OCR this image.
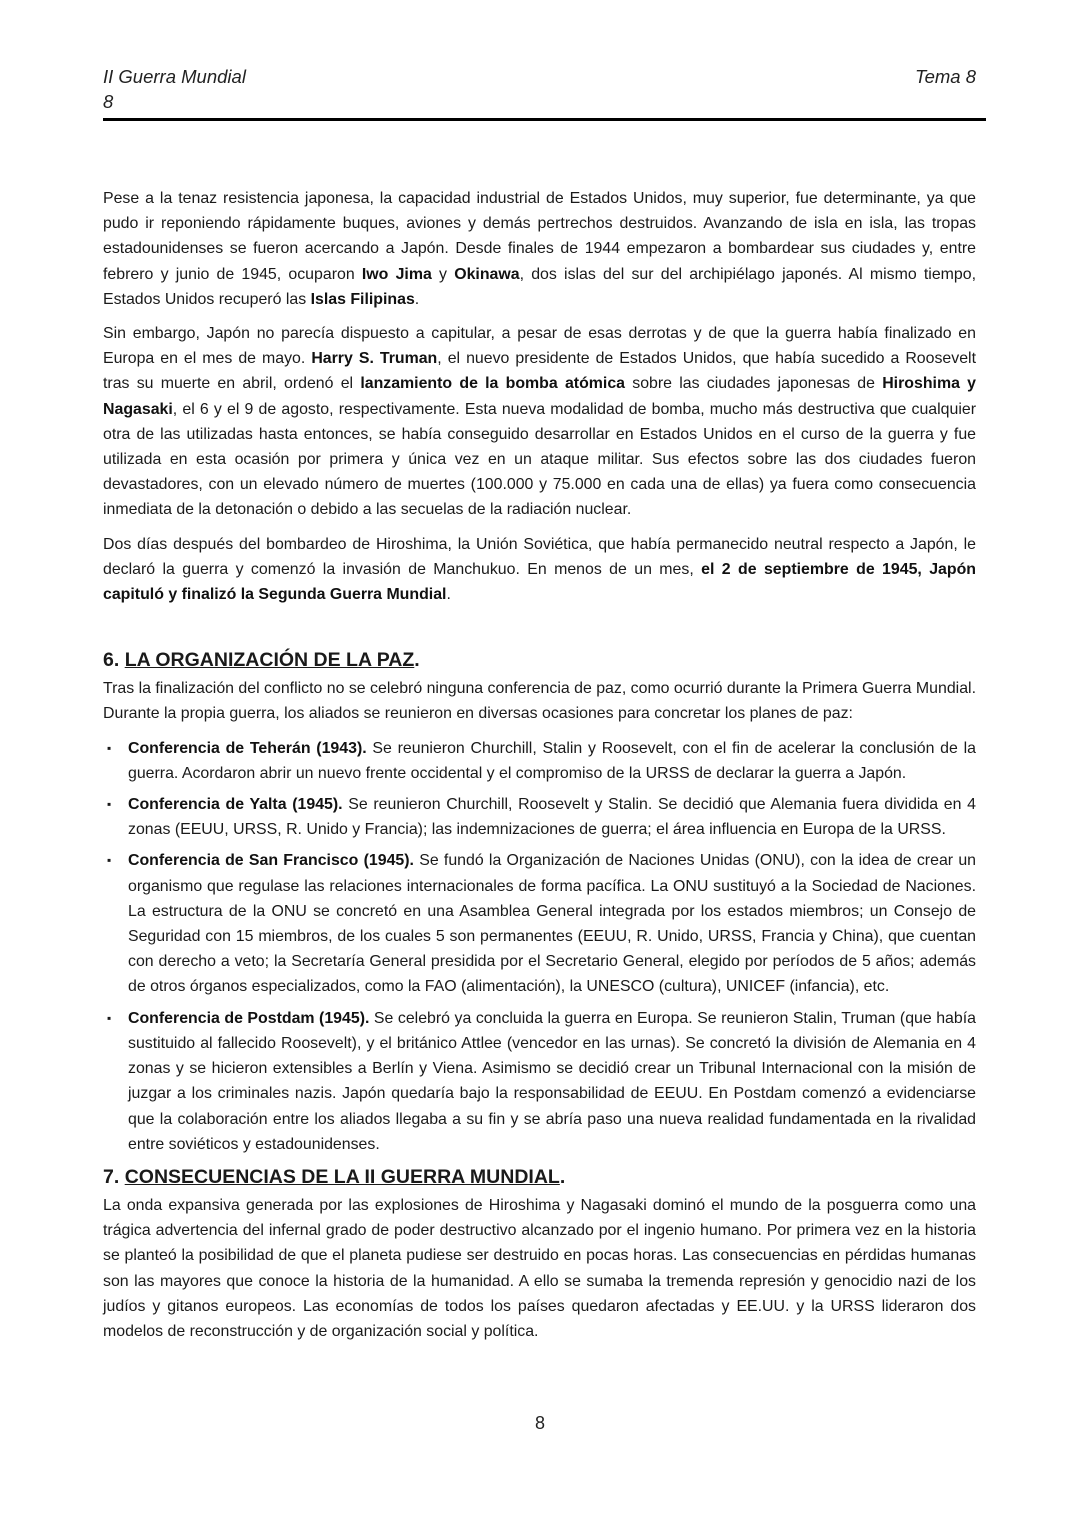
II Guerra Mundial
8
Tema 8

Pese a la tenaz resistencia japonesa, la capacidad industrial de Estados Unidos, muy superior, fue determinante, ya que pudo ir reponiendo rápidamente buques, aviones y demás pertrechos destruidos. Avanzando de isla en isla, las tropas estadounidenses se fueron acercando a Japón. Desde finales de 1944 empezaron a bombardear sus ciudades y, entre febrero y junio de 1945, ocuparon Iwo Jima y Okinawa, dos islas del sur del archipiélago japonés. Al mismo tiempo, Estados Unidos recuperó las Islas Filipinas.

Sin embargo, Japón no parecía dispuesto a capitular, a pesar de esas derrotas y de que la guerra había finalizado en Europa en el mes de mayo. Harry S. Truman, el nuevo presidente de Estados Unidos, que había sucedido a Roosevelt tras su muerte en abril, ordenó el lanzamiento de la bomba atómica sobre las ciudades japonesas de Hiroshima y Nagasaki, el 6 y el 9 de agosto, respectivamente. Esta nueva modalidad de bomba, mucho más destructiva que cualquier otra de las utilizadas hasta entonces, se había conseguido desarrollar en Estados Unidos en el curso de la guerra y fue utilizada en esta ocasión por primera y única vez en un ataque militar. Sus efectos sobre las dos ciudades fueron devastadores, con un elevado número de muertes (100.000 y 75.000 en cada una de ellas) ya fuera como consecuencia inmediata de la detonación o debido a las secuelas de la radiación nuclear.

Dos días después del bombardeo de Hiroshima, la Unión Soviética, que había permanecido neutral respecto a Japón, le declaró la guerra y comenzó la invasión de Manchukuo. En menos de un mes, el 2 de septiembre de 1945, Japón capituló y finalizó la Segunda Guerra Mundial.

6. LA ORGANIZACIÓN DE LA PAZ.

Tras la finalización del conflicto no se celebró ninguna conferencia de paz, como ocurrió durante la Primera Guerra Mundial. Durante la propia guerra, los aliados se reunieron en diversas ocasiones para concretar los planes de paz:

▪ Conferencia de Teherán (1943). Se reunieron Churchill, Stalin y Roosevelt, con el fin de acelerar la conclusión de la guerra. Acordaron abrir un nuevo frente occidental y el compromiso de la URSS de declarar la guerra a Japón.
▪ Conferencia de Yalta (1945). Se reunieron Churchill, Roosevelt y Stalin. Se decidió que Alemania fuera dividida en 4 zonas (EEUU, URSS, R. Unido y Francia); las indemnizaciones de guerra; el área influencia en Europa de la URSS.
▪ Conferencia de San Francisco (1945). Se fundó la Organización de Naciones Unidas (ONU), con la idea de crear un organismo que regulase las relaciones internacionales de forma pacífica. La ONU sustituyó a la Sociedad de Naciones. La estructura de la ONU se concretó en una Asamblea General integrada por los estados miembros; un Consejo de Seguridad con 15 miembros, de los cuales 5 son permanentes (EEUU, R. Unido, URSS, Francia y China), que cuentan con derecho a veto; la Secretaría General presidida por el Secretario General, elegido por períodos de 5 años; además de otros órganos especializados, como la FAO (alimentación), la UNESCO (cultura), UNICEF (infancia), etc.
▪ Conferencia de Postdam (1945). Se celebró ya concluida la guerra en Europa. Se reunieron Stalin, Truman (que había sustituido al fallecido Roosevelt), y el británico Attlee (vencedor en las urnas). Se concretó la división de Alemania en 4 zonas y se hicieron extensibles a Berlín y Viena. Asimismo se decidió crear un Tribunal Internacional con la misión de juzgar a los criminales nazis. Japón quedaría bajo la responsabilidad de EEUU. En Postdam comenzó a evidenciarse que la colaboración entre los aliados llegaba a su fin y se abría paso una nueva realidad fundamentada en la rivalidad entre soviéticos y estadounidenses.
7. CONSECUENCIAS DE LA II GUERRA MUNDIAL.

La onda expansiva generada por las explosiones de Hiroshima y Nagasaki dominó el mundo de la posguerra como una trágica advertencia del infernal grado de poder destructivo alcanzado por el ingenio humano. Por primera vez en la historia se planteó la posibilidad de que el planeta pudiese ser destruido en pocas horas. Las consecuencias en pérdidas humanas son las mayores que conoce la historia de la humanidad. A ello se sumaba la tremenda represión y genocidio nazi de los judíos y gitanos europeos. Las economías de todos los países quedaron afectadas y EE.UU. y la URSS lideraron dos modelos de reconstrucción y de organización social y política.

8
